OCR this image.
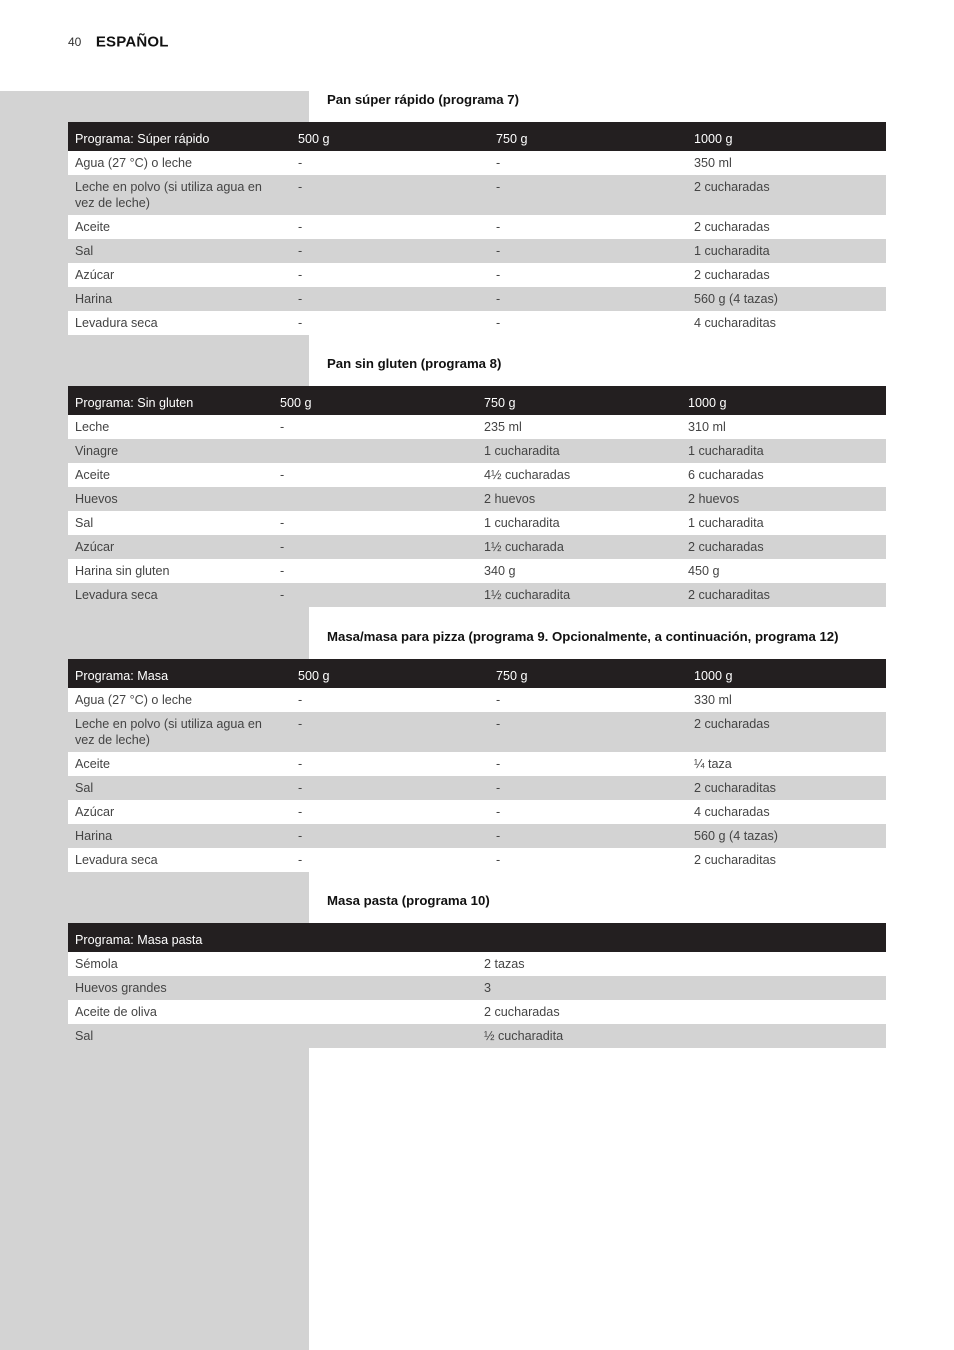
40 ESPAÑOL
Pan súper rápido (programa 7)
Programa: Súper rápido	500 g	750 g	1000 g
Agua (27 °C) o leche	-	-	350 ml
Leche en polvo (si utiliza agua en vez de leche)	-	-	2 cucharadas
Aceite	-	-	2 cucharadas
Sal	-	-	1 cucharadita
Azúcar	-	-	2 cucharadas
Harina	-	-	560 g (4 tazas)
Levadura seca	-	-	4 cucharaditas
Pan sin gluten (programa 8)
Programa: Sin gluten	500 g	750 g	1000 g
Leche	-	235 ml	310 ml
Vinagre		1 cucharadita	1 cucharadita
Aceite	-	4½ cucharadas	6 cucharadas
Huevos		2 huevos	2 huevos
Sal	-	1 cucharadita	1 cucharadita
Azúcar	-	1½ cucharada	2 cucharadas
Harina sin gluten	-	340 g	450 g
Levadura seca	-	1½ cucharadita	2 cucharaditas
Masa/masa para pizza (programa 9. Opcionalmente, a continuación, programa 12)
Programa: Masa	500 g	750 g	1000 g
Agua (27 °C) o leche	-	-	330 ml
Leche en polvo (si utiliza agua en vez de leche)	-	-	2 cucharadas
Aceite	-	-	¼ taza
Sal	-	-	2 cucharaditas
Azúcar	-	-	4 cucharadas
Harina	-	-	560 g (4 tazas)
Levadura seca	-	-	2 cucharaditas
Masa pasta (programa 10)
Programa: Masa pasta	
Sémola	2 tazas
Huevos grandes	3
Aceite de oliva	2 cucharadas
Sal	½ cucharadita
